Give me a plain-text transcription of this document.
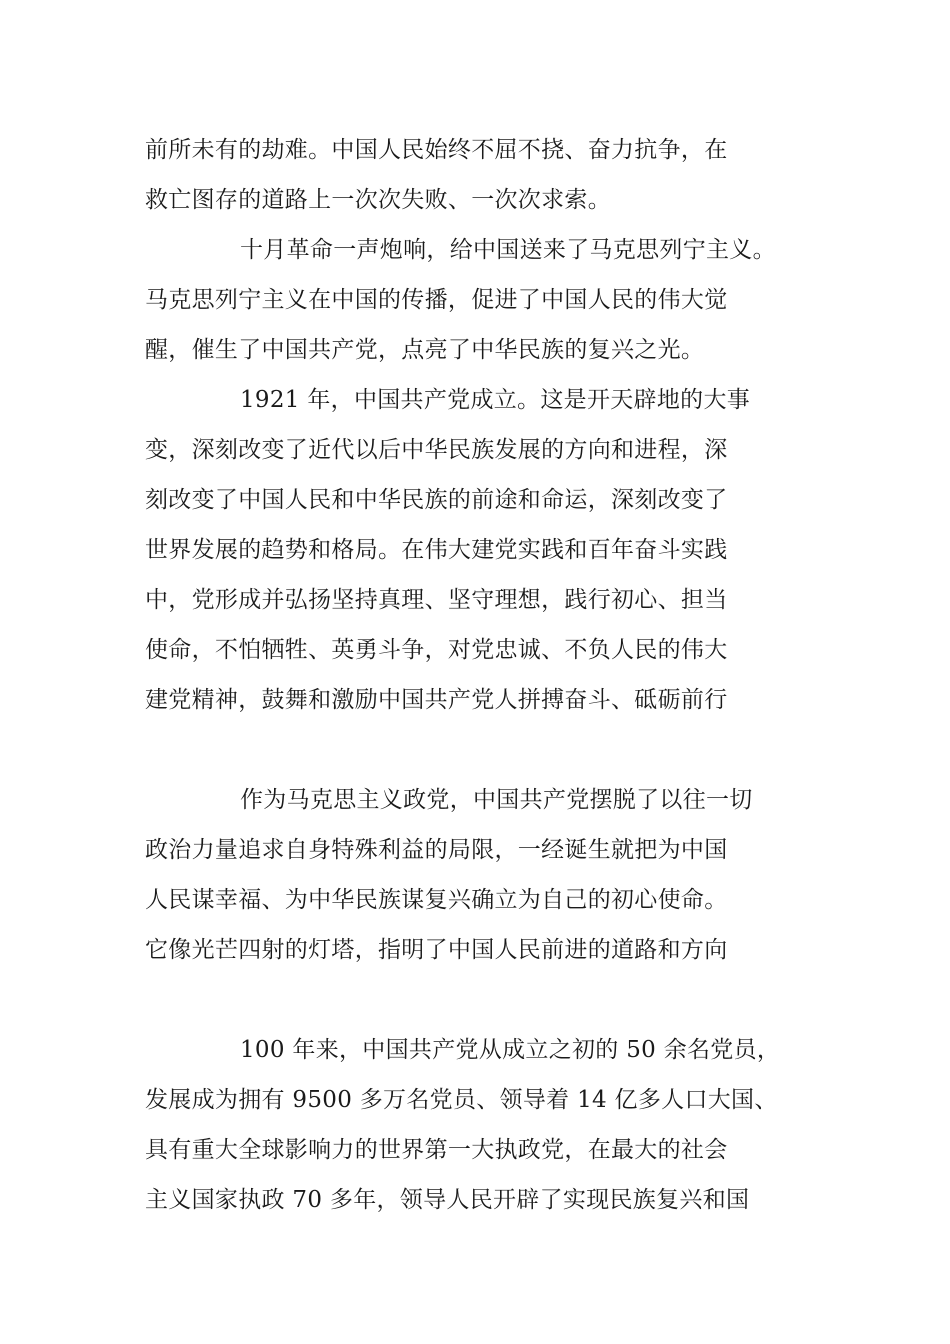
前所未有的劫难。中国人民始终不屈不挠、奋力抗争，在
救亡图存的道路上一次次失败、一次次求索。
十月革命一声炮响，给中国送来了马克思列宁主义。
马克思列宁主义在中国的传播，促进了中国人民的伟大觉
醒，催生了中国共产党，点亮了中华民族的复兴之光。
1921 年，中国共产党成立。这是开天辟地的大事
变，深刻改变了近代以后中华民族发展的方向和进程，深
刻改变了中国人民和中华民族的前途和命运，深刻改变了
世界发展的趋势和格局。在伟大建党实践和百年奋斗实践
中，党形成并弘扬坚持真理、坚守理想，践行初心、担当
使命，不怕牺牲、英勇斗争，对党忠诚、不负人民的伟大
建党精神，鼓舞和激励中国共产党人拼搏奋斗、砥砺前行
作为马克思主义政党，中国共产党摆脱了以往一切
政治力量追求自身特殊利益的局限，一经诞生就把为中国
人民谋幸福、为中华民族谋复兴确立为自己的初心使命。
它像光芒四射的灯塔，指明了中国人民前进的道路和方向
100 年来，中国共产党从成立之初的 50 余名党员，
发展成为拥有 9500 多万名党员、领导着 14 亿多人口大国、
具有重大全球影响力的世界第一大执政党，在最大的社会
主义国家执政 70 多年，领导人民开辟了实现民族复兴和国
